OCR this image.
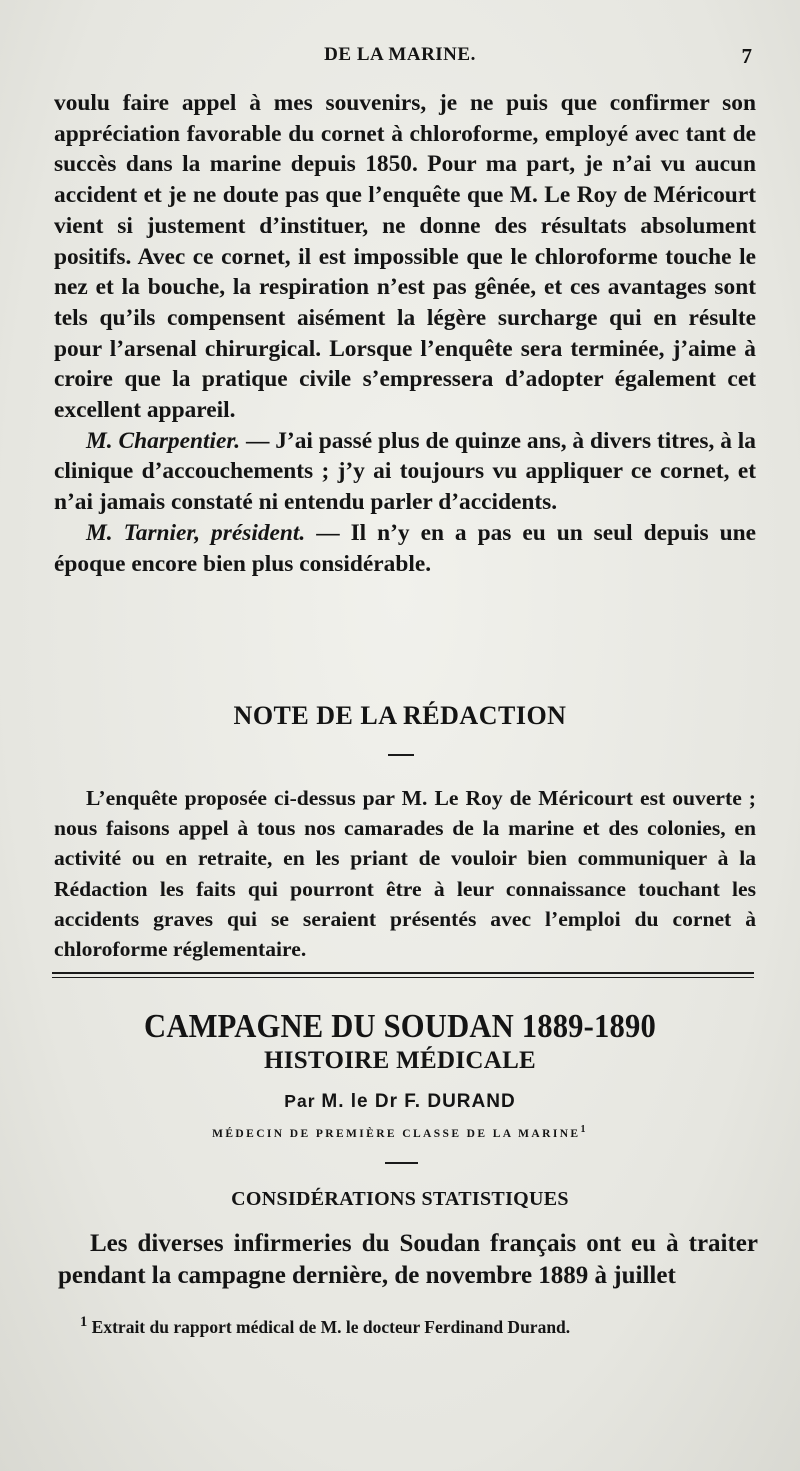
DE LA MARINE.	7

voulu faire appel à mes souvenirs, je ne puis que confirmer son appréciation favorable du cornet à chloroforme, employé avec tant de succès dans la marine depuis 1850. Pour ma part, je n’ai vu aucun accident et je ne doute pas que l’enquête que M. Le Roy de Méricourt vient si justement d’instituer, ne donne des résultats absolument positifs. Avec ce cornet, il est impossible que le chloroforme touche le nez et la bouche, la respiration n’est pas gênée, et ces avantages sont tels qu’ils compensent aisément la légère surcharge qui en résulte pour l’arsenal chirurgical. Lorsque l’enquête sera terminée, j’aime à croire que la pratique civile s’empressera d’adopter également cet excellent appareil.

M. Charpentier. — J’ai passé plus de quinze ans, à divers titres, à la clinique d’accouchements ; j’y ai toujours vu appliquer ce cornet, et n’ai jamais constaté ni entendu parler d’accidents.

M. Tarnier, président. — Il n’y en a pas eu un seul depuis une époque encore bien plus considérable.

NOTE DE LA RÉDACTION

L’enquête proposée ci-dessus par M. Le Roy de Méricourt est ouverte ; nous faisons appel à tous nos camarades de la marine et des colonies, en activité ou en retraite, en les priant de vouloir bien communiquer à la Rédaction les faits qui pourront être à leur connaissance touchant les accidents graves qui se seraient présentés avec l’emploi du cornet à chloroforme réglementaire.

CAMPAGNE DU SOUDAN 1889-1890
HISTOIRE MÉDICALE
Par M. le Dr F. DURAND
MÉDECIN DE PREMIÈRE CLASSE DE LA MARINE$^1$
CONSIDÉRATIONS STATISTIQUES

Les diverses infirmeries du Soudan français ont eu à traiter pendant la campagne dernière, de novembre 1889 à juillet

$^1$ Extrait du rapport médical de M. le docteur Ferdinand Durand.
